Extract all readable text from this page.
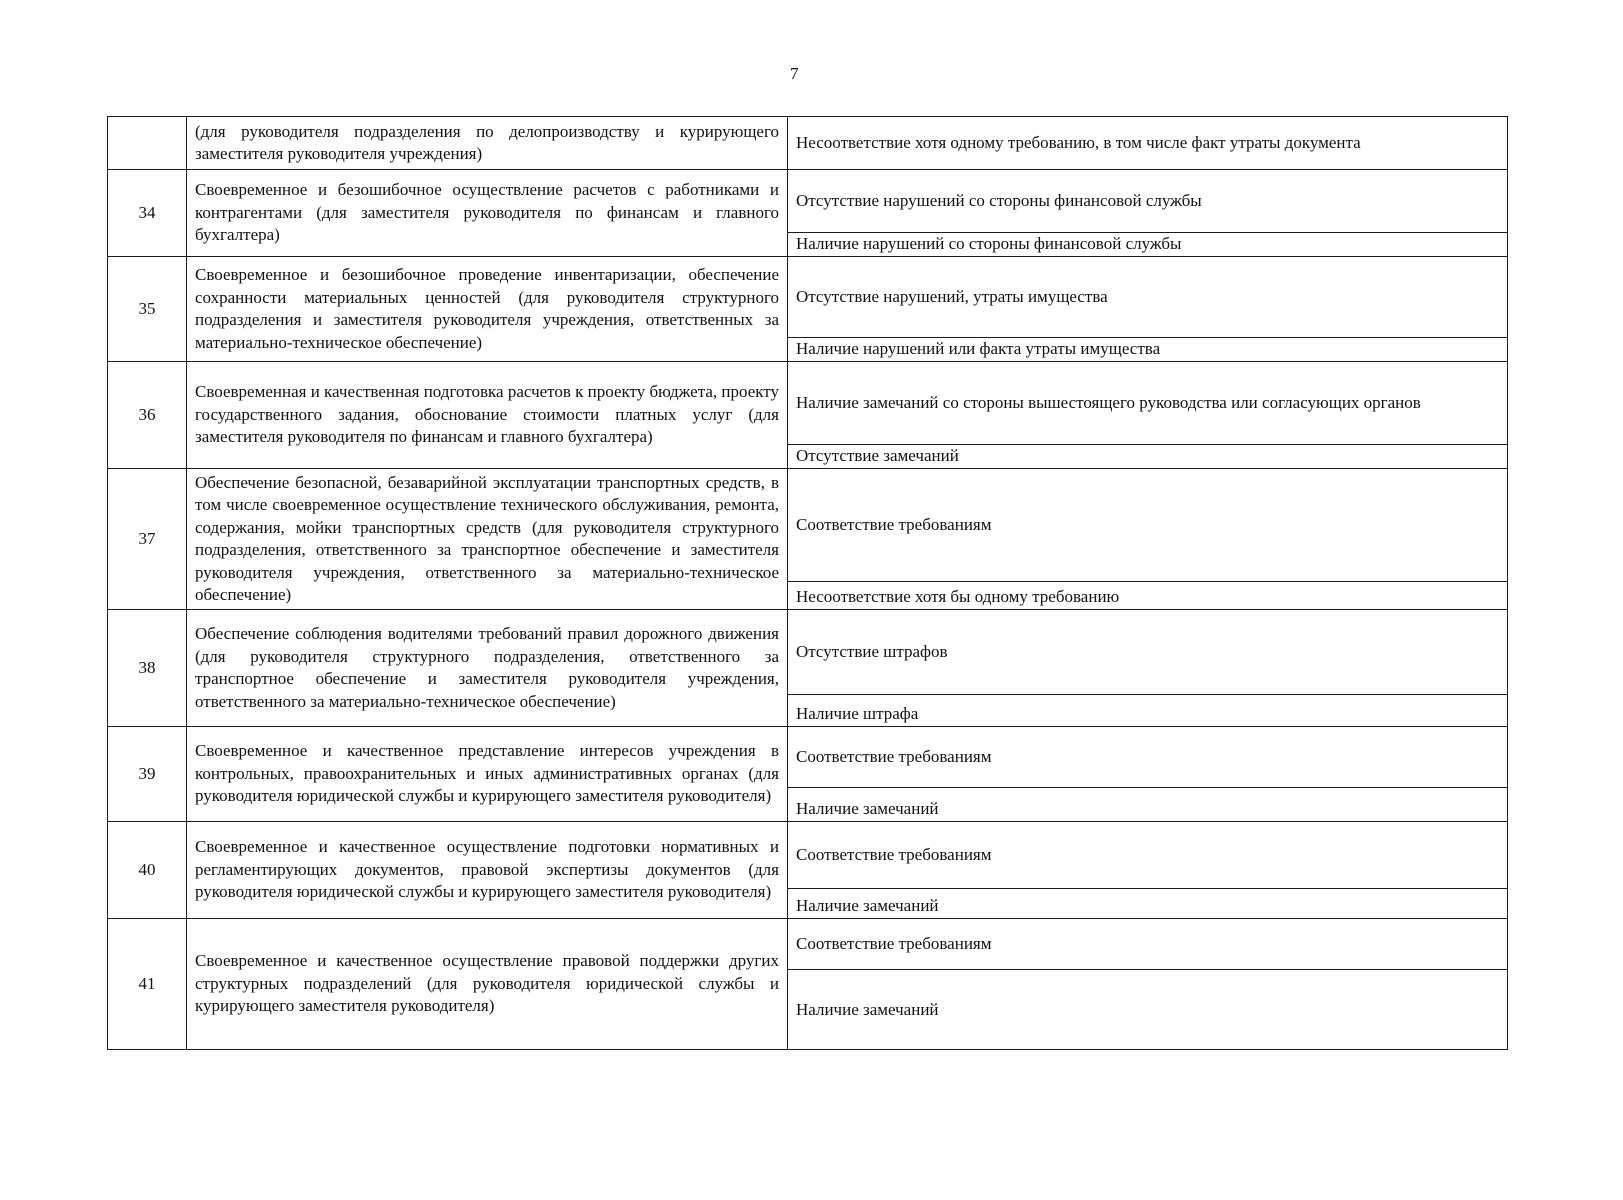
7
	(для руководителя подразделения по делопроизводству и курирующего заместителя руководителя учреждения)	Несоответствие хотя одному требованию, в том числе факт утраты документа

34	Своевременное и безошибочное осуществление расчетов с работниками и контрагентами (для заместителя руководителя по финансам и главного бухгалтера)	Отсутствие нарушений со стороны финансовой службы
Наличие нарушений со стороны финансовой службы

35	Своевременное и безошибочное проведение инвентаризации, обеспечение сохранности материальных ценностей (для руководителя структурного подразделения и заместителя руководителя учреждения, ответственных за материально-техническое обеспечение)	Отсутствие нарушений, утраты имущества
Наличие нарушений или факта утраты имущества

36	Своевременная и качественная подготовка расчетов к проекту бюджета, проекту государственного задания, обоснование стоимости платных услуг (для заместителя руководителя по финансам и главного бухгалтера)	Наличие замечаний со стороны вышестоящего руководства или согласующих органов
Отсутствие замечаний

37	Обеспечение безопасной, безаварийной эксплуатации транспортных средств, в том числе своевременное осуществление технического обслуживания, ремонта, содержания, мойки транспортных средств (для руководителя структурного подразделения, ответственного за транспортное обеспечение и заместителя руководителя учреждения, ответственного за материально-техническое обеспечение)	Соответствие требованиям
Несоответствие хотя бы одному требованию

38	Обеспечение соблюдения водителями требований правил дорожного движения (для руководителя структурного подразделения, ответственного за транспортное обеспечение и заместителя руководителя учреждения, ответственного за материально-техническое обеспечение)	Отсутствие штрафов
Наличие штрафа

39	Своевременное и качественное представление интересов учреждения в контрольных, правоохранительных и иных административных органах (для руководителя юридической службы и курирующего заместителя руководителя)	Соответствие требованиям
Наличие замечаний

40	Своевременное и качественное осуществление подготовки нормативных и регламентирующих документов, правовой экспертизы документов (для руководителя юридической службы и курирующего заместителя руководителя)	Соответствие требованиям
Наличие замечаний

41	Своевременное и качественное осуществление правовой поддержки других структурных подразделений (для руководителя юридической службы и курирующего заместителя руководителя)	Соответствие требованиям
Наличие замечаний
